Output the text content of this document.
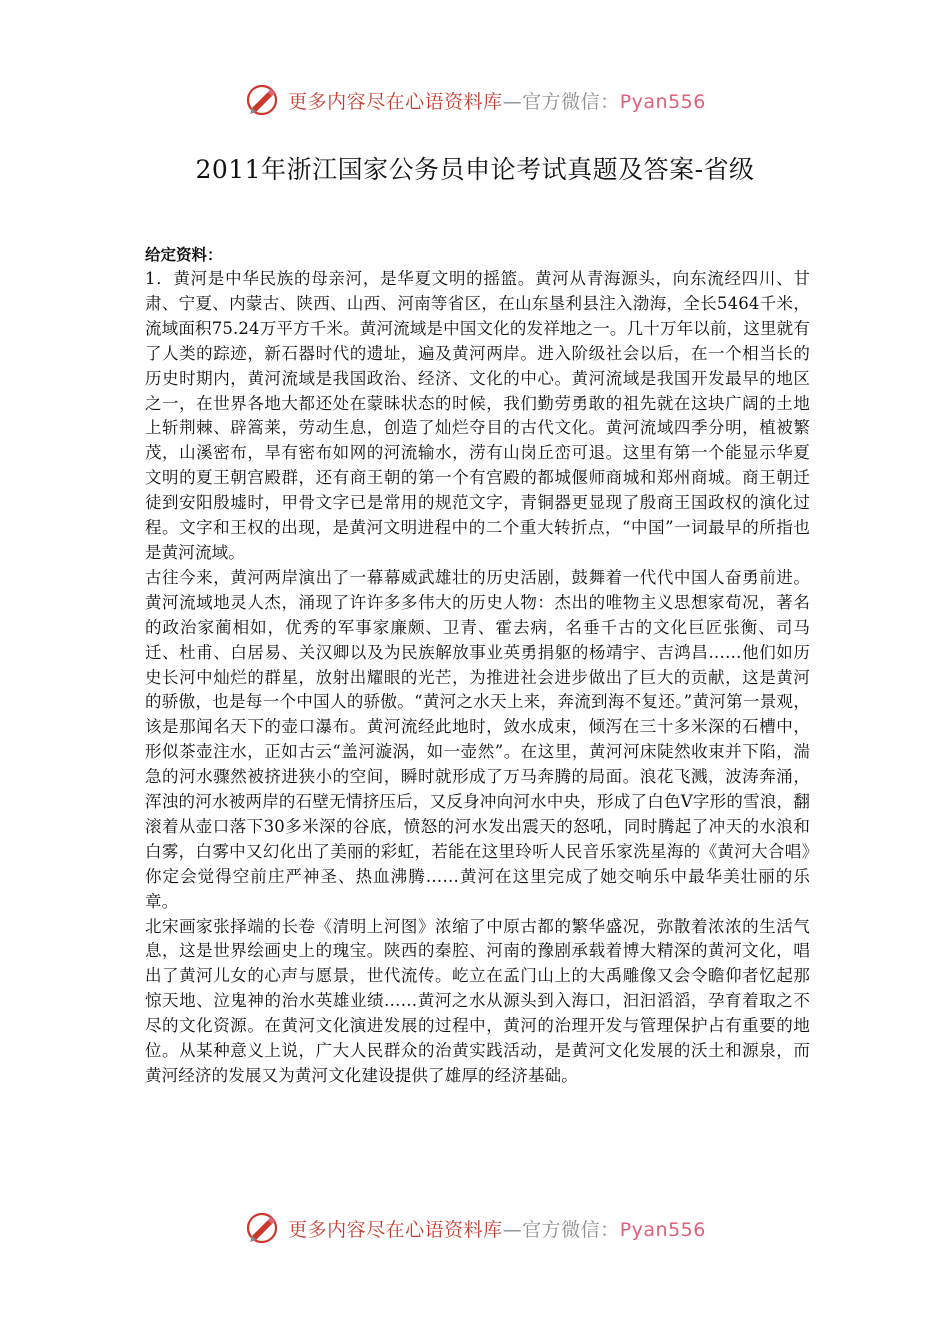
更多内容尽在心语资料库—官方微信：Pyan556
2011年浙江国家公务员申论考试真题及答案-省级

给定资料：

1．黄河是中华民族的母亲河，是华夏文明的摇篮。黄河从青海源头，向东流经四川、甘肃、宁夏、内蒙古、陕西、山西、河南等省区，在山东垦利县注入渤海，全长5464千米，流域面积75.24万平方千米。黄河流域是中国文化的发祥地之一。几十万年以前，这里就有了人类的踪迹，新石器时代的遗址，遍及黄河两岸。进入阶级社会以后，在一个相当长的历史时期内，黄河流域是我国政治、经济、文化的中心。黄河流域是我国开发最早的地区之一，在世界各地大都还处在蒙昧状态的时候，我们勤劳勇敢的祖先就在这块广阔的土地上斩荆棘、辟篙莱，劳动生息，创造了灿烂夺目的古代文化。黄河流域四季分明，植被繁茂，山溪密布，旱有密布如网的河流输水，涝有山岗丘峦可退。这里有第一个能显示华夏文明的夏王朝宫殿群，还有商王朝的第一个有宫殿的都城偃师商城和郑州商城。商王朝迁徒到安阳殷墟时，甲骨文字已是常用的规范文字，青铜器更显现了殷商王国政权的演化过程。文字和王权的出现，是黄河文明进程中的二个重大转折点，“中国”一词最早的所指也是黄河流域。

古往今来，黄河两岸演出了一幕幕威武雄壮的历史活剧，鼓舞着一代代中国人奋勇前进。黄河流域地灵人杰，涌现了许许多多伟大的历史人物：杰出的唯物主义思想家荀况，著名的政治家蔺相如，优秀的军事家廉颇、卫青、霍去病，名垂千古的文化巨匠张衡、司马迁、杜甫、白居易、关汉卿以及为民族解放事业英勇捐躯的杨靖宇、吉鸿昌……他们如历史长河中灿烂的群星，放射出耀眼的光芒，为推进社会进步做出了巨大的贡献，这是黄河的骄傲，也是每一个中国人的骄傲。“黄河之水天上来，奔流到海不复还。”黄河第一景观，该是那闻名天下的壶口瀑布。黄河流经此地时，敛水成束，倾泻在三十多米深的石槽中，形似茶壶注水，正如古云“盖河漩涡，如一壶然”。在这里，黄河河床陡然收束并下陷，湍急的河水骤然被挤进狭小的空间，瞬时就形成了万马奔腾的局面。浪花飞溅，波涛奔涌，浑浊的河水被两岸的石壁无情挤压后，又反身冲向河水中央，形成了白色V字形的雪浪，翻滚着从壶口落下30多米深的谷底，愤怒的河水发出震天的怒吼，同时腾起了冲天的水浪和白雾，白雾中又幻化出了美丽的彩虹，若能在这里玲听人民音乐家洗星海的《黄河大合唱》你定会觉得空前庄严神圣、热血沸腾……黄河在这里完成了她交响乐中最华美壮丽的乐章。

北宋画家张择端的长卷《清明上河图》浓缩了中原古都的繁华盛况，弥散着浓浓的生活气息，这是世界绘画史上的瑰宝。陕西的秦腔、河南的豫剧承载着博大精深的黄河文化，唱出了黄河儿女的心声与愿景，世代流传。屹立在孟门山上的大禹雕像又会令瞻仰者忆起那惊天地、泣鬼神的治水英雄业绩……黄河之水从源头到入海口，汩汩滔滔，孕育着取之不尽的文化资源。在黄河文化演进发展的过程中，黄河的治理开发与管理保护占有重要的地位。从某种意义上说，广大人民群众的治黄实践活动，是黄河文化发展的沃土和源泉，而黄河经济的发展又为黄河文化建设提供了雄厚的经济基础。

更多内容尽在心语资料库—官方微信：Pyan556
